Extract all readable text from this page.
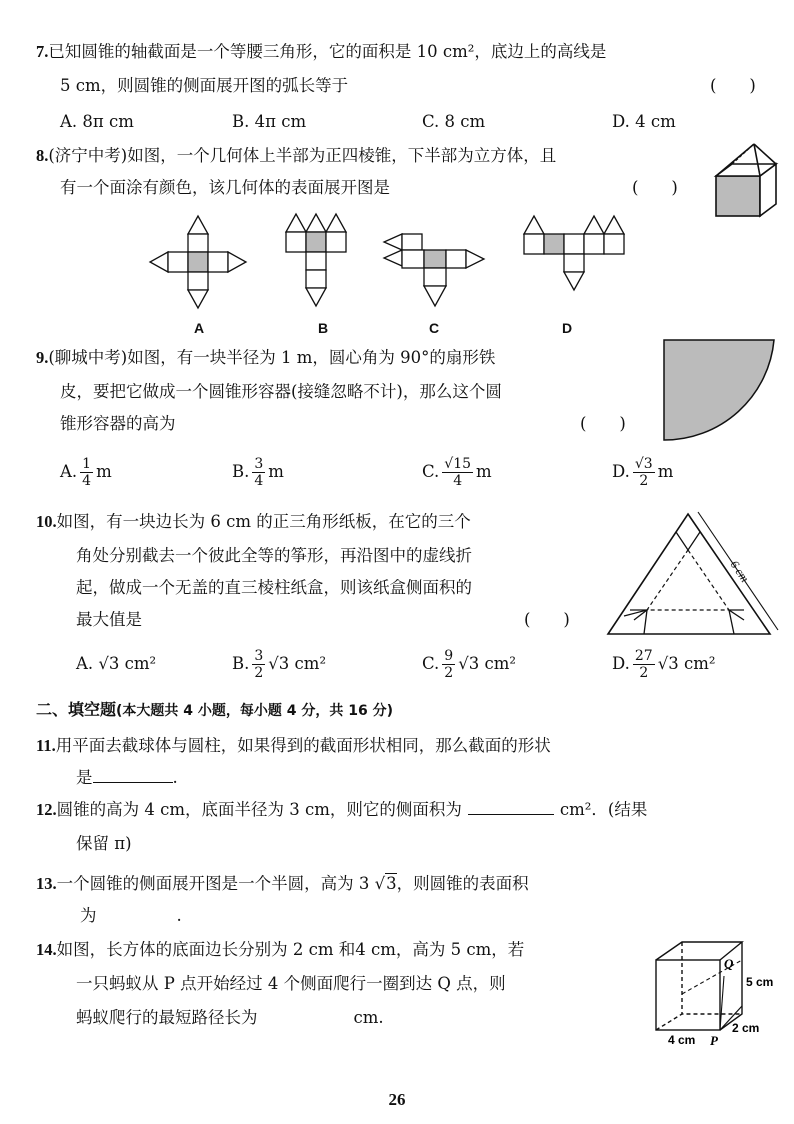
7.已知圆锥的轴截面是一个等腰三角形，它的面积是 10 cm²，底边上的高线是
5 cm，则圆锥的侧面展开图的弧长等于	(　　)
A. 8π cm	B. 4π cm	C. 8 cm	D. 4 cm
8.(济宁中考)如图，一个几何体上半部为正四棱锥，下半部为立方体，且
有一个面涂有颜色，该几何体的表面展开图是	(　　)
A	B	C	D
9.(聊城中考)如图，有一块半径为 1 m，圆心角为 90°的扇形铁
皮，要把它做成一个圆锥形容器(接缝忽略不计)，那么这个圆
锥形容器的高为	(　　)
A. $\frac{1}{4}$ m	B. $\frac{3}{4}$ m	C. $\frac{√15}{4}$ m	D. $\frac{√3}{2}$ m
10.如图，有一块边长为 6 cm 的正三角形纸板，在它的三个
角处分别截去一个彼此全等的筝形，再沿图中的虚线折
起，做成一个无盖的直三棱柱纸盒，则该纸盒侧面积的
最大值是	(　　)
6 cm
A. √3 cm²	B. $\frac{3}{2} √3$ cm²	C. $\frac{9}{2} √3$ cm²	D. $\frac{27}{2} √3$ cm²
二、填空题(本大题共 4 小题，每小题 4 分，共 16 分)
11.用平面去截球体与圆柱，如果得到的截面形状相同，那么截面的形状
是	.
12.圆锥的高为 4 cm，底面半径为 3 cm，则它的侧面积为	cm²．(结果
保留 π)
13.一个圆锥的侧面展开图是一个半圆，高为 3 √3，则圆锥的表面积
为	.
14.如图，长方体的底面边长分别为 2 cm 和4 cm，高为 5 cm，若
一只蚂蚁从 P 点开始经过 4 个侧面爬行一圈到达 Q 点，则
蚂蚁爬行的最短路径长为	cm.
Q
P
5 cm
2 cm
4 cm
26
